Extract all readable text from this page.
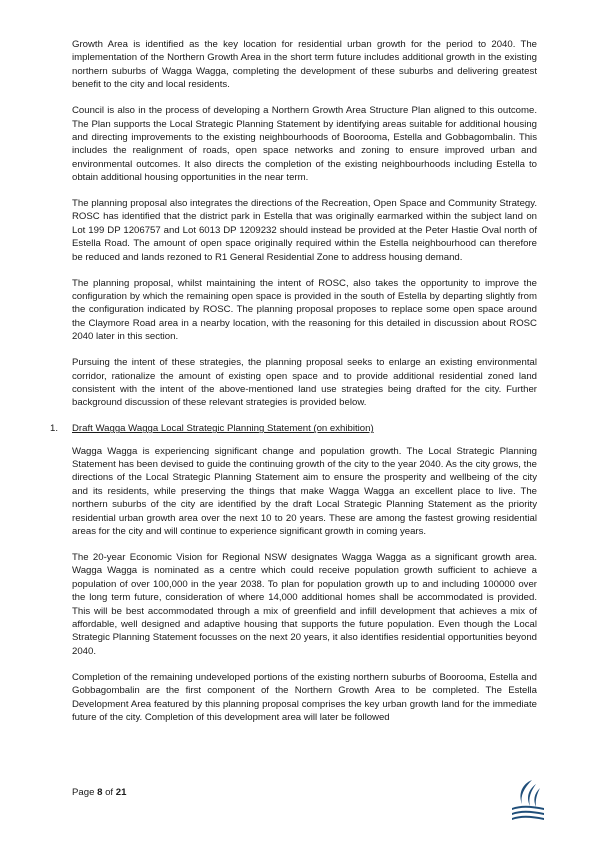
Growth Area is identified as the key location for residential urban growth for the period to 2040. The implementation of the Northern Growth Area in the short term future includes additional growth in the existing northern suburbs of Wagga Wagga, completing the development of these suburbs and delivering greatest benefit to the city and local residents.

Council is also in the process of developing a Northern Growth Area Structure Plan aligned to this outcome. The Plan supports the Local Strategic Planning Statement by identifying areas suitable for additional housing and directing improvements to the existing neighbourhoods of Boorooma, Estella and Gobbagombalin. This includes the realignment of roads, open space networks and zoning to ensure improved urban and environmental outcomes. It also directs the completion of the existing neighbourhoods including Estella to obtain additional housing opportunities in the near term.

The planning proposal also integrates the directions of the Recreation, Open Space and Community Strategy. ROSC has identified that the district park in Estella that was originally earmarked within the subject land on Lot 199 DP 1206757 and Lot 6013 DP 1209232 should instead be provided at the Peter Hastie Oval north of Estella Road. The amount of open space originally required within the Estella neighbourhood can therefore be reduced and lands rezoned to R1 General Residential Zone to address housing demand.

The planning proposal, whilst maintaining the intent of ROSC, also takes the opportunity to improve the configuration by which the remaining open space is provided in the south of Estella by departing slightly from the configuration indicated by ROSC. The planning proposal proposes to replace some open space around the Claymore Road area in a nearby location, with the reasoning for this detailed in discussion about ROSC 2040 later in this section.

Pursuing the intent of these strategies, the planning proposal seeks to enlarge an existing environmental corridor, rationalize the amount of existing open space and to provide additional residential zoned land consistent with the intent of the above-mentioned land use strategies being drafted for the city. Further background discussion of these relevant strategies is provided below.

1. Draft Wagga Wagga Local Strategic Planning Statement (on exhibition)

Wagga Wagga is experiencing significant change and population growth. The Local Strategic Planning Statement has been devised to guide the continuing growth of the city to the year 2040. As the city grows, the directions of the Local Strategic Planning Statement aim to ensure the prosperity and wellbeing of the city and its residents, while preserving the things that make Wagga Wagga an excellent place to live. The northern suburbs of the city are identified by the draft Local Strategic Planning Statement as the priority residential urban growth area over the next 10 to 20 years. These are among the fastest growing residential areas for the city and will continue to experience significant growth in coming years.

The 20-year Economic Vision for Regional NSW designates Wagga Wagga as a significant growth area. Wagga Wagga is nominated as a centre which could receive population growth sufficient to achieve a population of over 100,000 in the year 2038. To plan for population growth up to and including 100000 over the long term future, consideration of where 14,000 additional homes shall be accommodated is provided. This will be best accommodated through a mix of greenfield and infill development that achieves a mix of affordable, well designed and adaptive housing that supports the future population. Even though the Local Strategic Planning Statement focusses on the next 20 years, it also identifies residential opportunities beyond 2040.

Completion of the remaining undeveloped portions of the existing northern suburbs of Boorooma, Estella and Gobbagombalin are the first component of the Northern Growth Area to be completed. The Estella Development Area featured by this planning proposal comprises the key urban growth land for the immediate future of the city. Completion of this development area will later be followed

Page 8 of 21
